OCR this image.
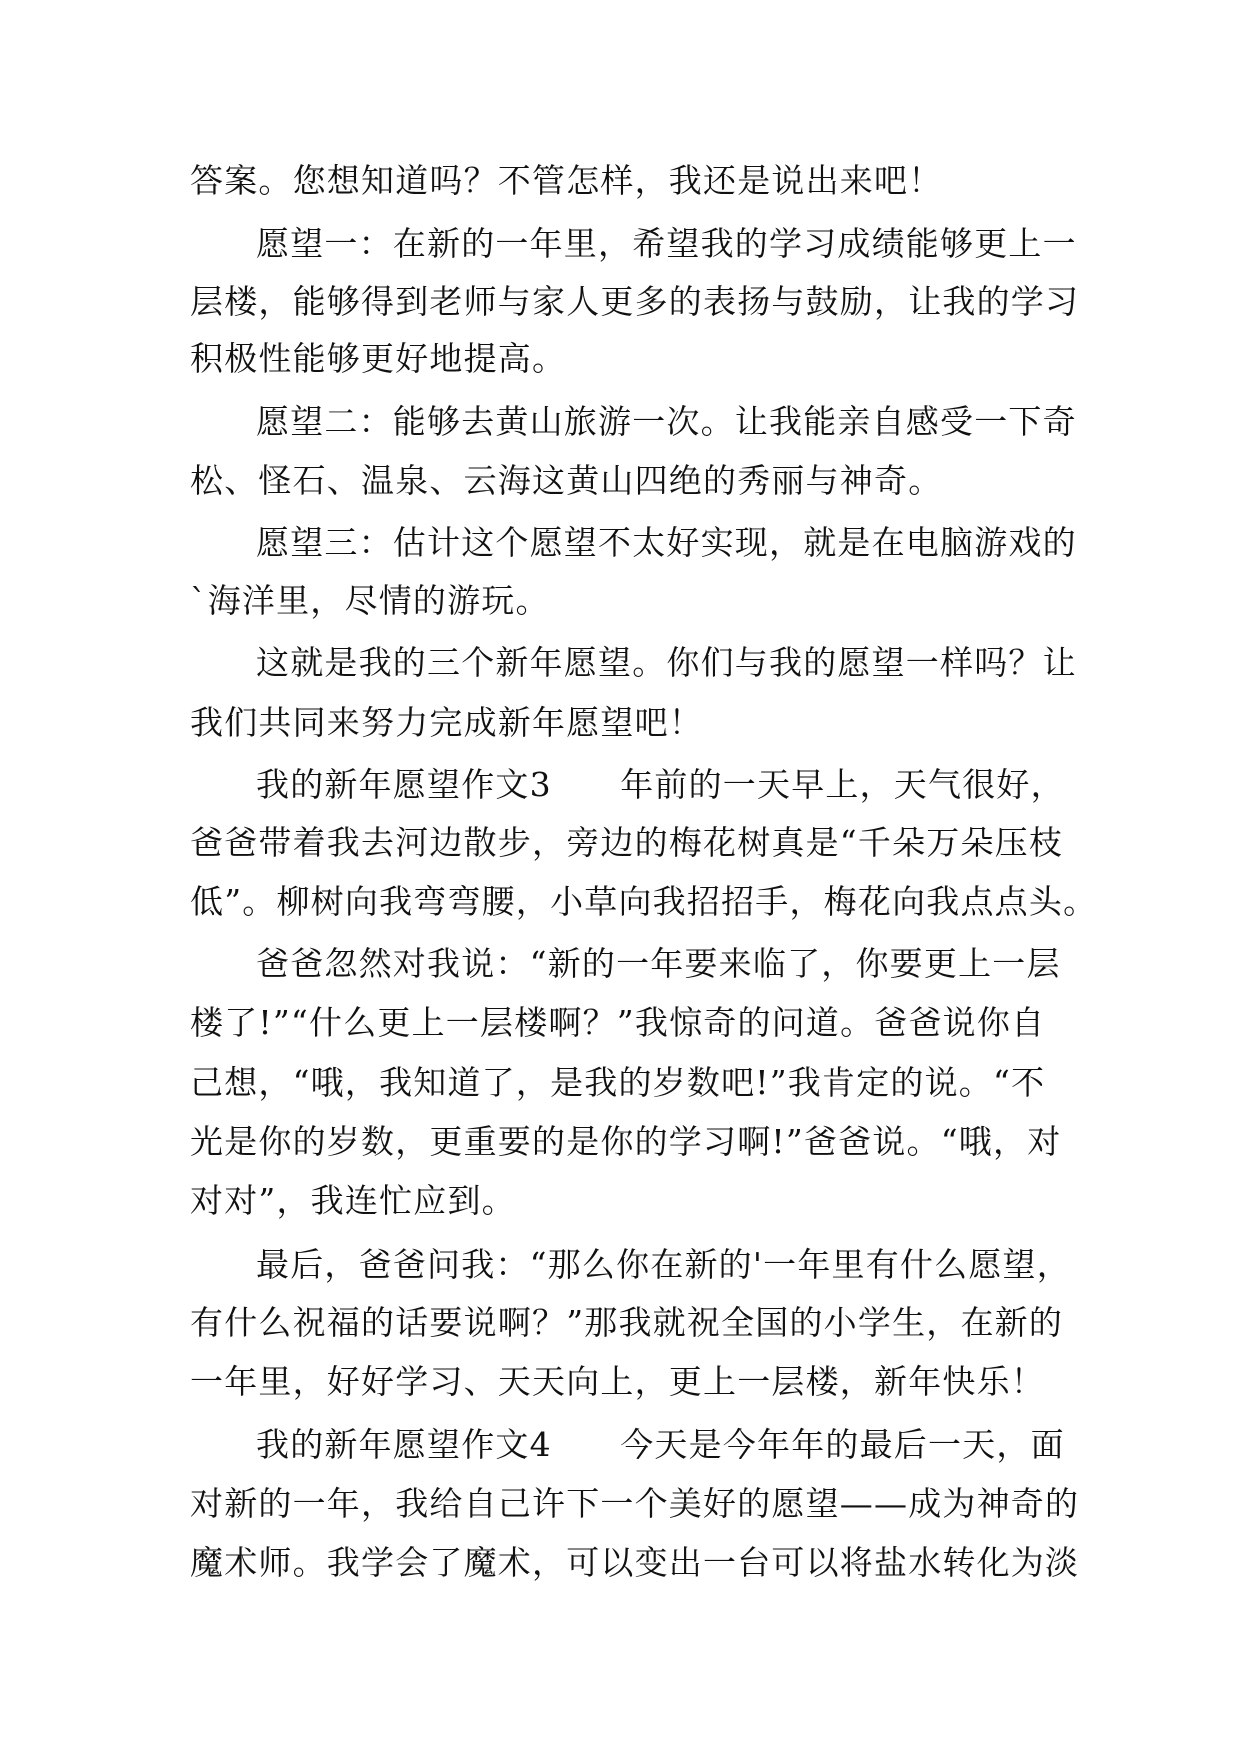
答案。您想知道吗？不管怎样，我还是说出来吧！
愿望一：在新的一年里，希望我的学习成绩能够更上一
层楼，能够得到老师与家人更多的表扬与鼓励，让我的学习
积极性能够更好地提高。
愿望二：能够去黄山旅游一次。让我能亲自感受一下奇
松、怪石、温泉、云海这黄山四绝的秀丽与神奇。
愿望三：估计这个愿望不太好实现，就是在电脑游戏的
`海洋里，尽情的游玩。
这就是我的三个新年愿望。你们与我的愿望一样吗？让
我们共同来努力完成新年愿望吧！
我的新年愿望作文3　　年前的一天早上，天气很好，
爸爸带着我去河边散步，旁边的梅花树真是“千朵万朵压枝
低”。柳树向我弯弯腰，小草向我招招手，梅花向我点点头。
爸爸忽然对我说：“新的一年要来临了，你要更上一层
楼了!”“什么更上一层楼啊？”我惊奇的问道。爸爸说你自
己想，“哦，我知道了，是我的岁数吧!”我肯定的说。“不
光是你的岁数，更重要的是你的学习啊!”爸爸说。“哦，对
对对”，我连忙应到。
最后，爸爸问我：“那么你在新的'一年里有什么愿望，
有什么祝福的话要说啊？”那我就祝全国的小学生，在新的
一年里，好好学习、天天向上，更上一层楼，新年快乐！
我的新年愿望作文4　　今天是今年年的最后一天，面
对新的一年，我给自己许下一个美好的愿望——成为神奇的
魔术师。我学会了魔术，可以变出一台可以将盐水转化为淡
